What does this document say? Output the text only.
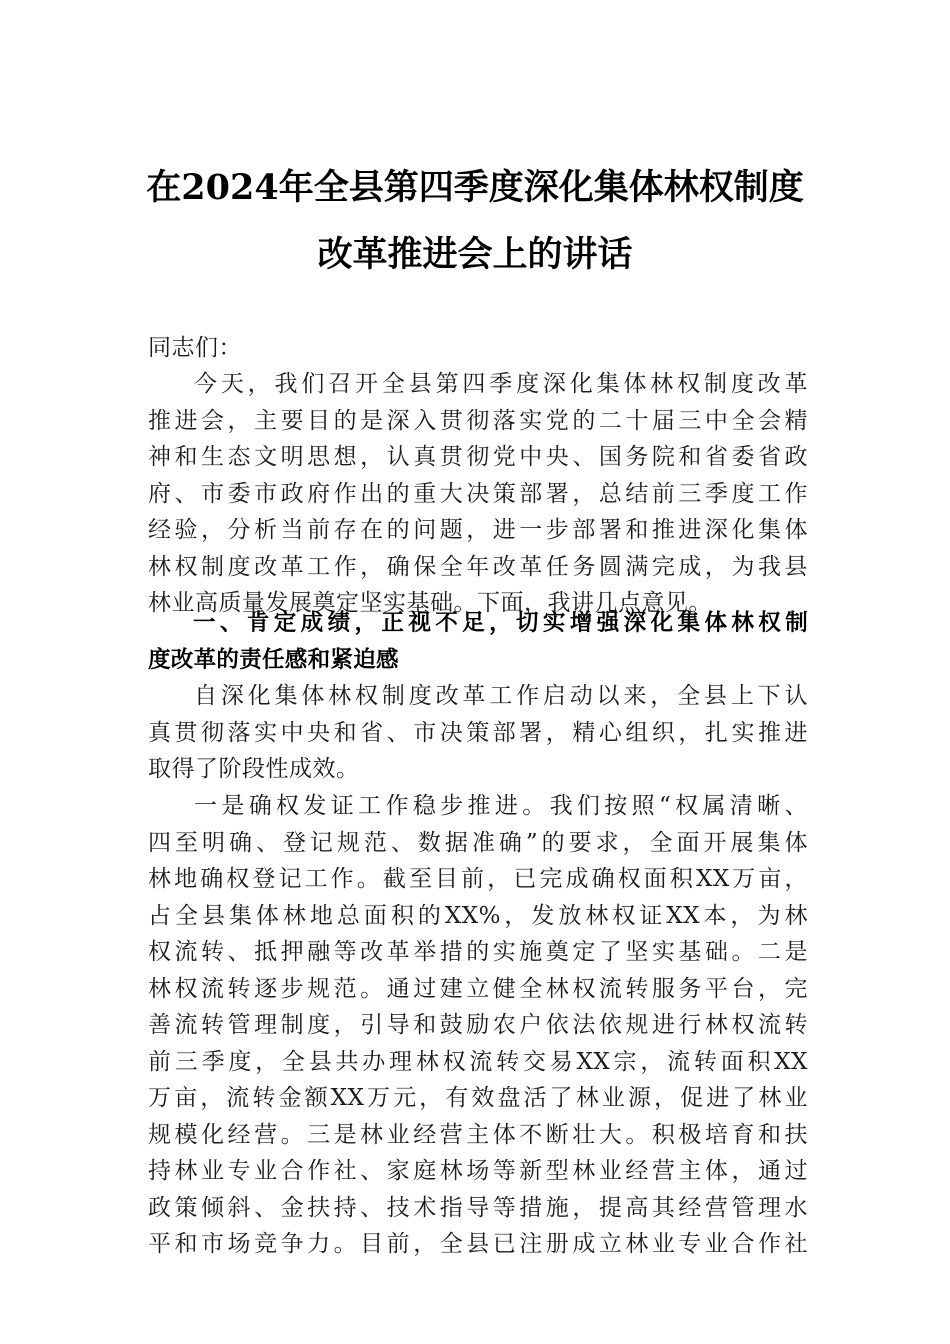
在2024年全县第四季度深化集体林权制度
改革推进会上的讲话
同志们：
今天，我们召开全县第四季度深化集体林权制度改革
推进会，主要目的是深入贯彻落实党的二十届三中全会精
神和生态文明思想，认真贯彻党中央、国务院和省委省政
府、市委市政府作出的重大决策部署，总结前三季度工作
经验，分析当前存在的问题，进一步部署和推进深化集体
林权制度改革工作，确保全年改革任务圆满完成，为我县
林业高质量发展奠定坚实基础。下面，我讲几点意见。
一、肯定成绩，正视不足，切实增强深化集体林权制
度改革的责任感和紧迫感
自深化集体林权制度改革工作启动以来，全县上下认
真贯彻落实中央和省、市决策部署，精心组织，扎实推进
取得了阶段性成效。
一是确权发证工作稳步推进。我们按照“权属清晰、
四至明确、登记规范、数据准确”的要求，全面开展集体
林地确权登记工作。截至目前，已完成确权面积XX万亩，
占全县集体林地总面积的XX%，发放林权证XX本，为林
权流转、抵押融等改革举措的实施奠定了坚实基础。二是
林权流转逐步规范。通过建立健全林权流转服务平台，完
善流转管理制度，引导和鼓励农户依法依规进行林权流转
前三季度，全县共办理林权流转交易XX宗，流转面积XX
万亩，流转金额XX万元，有效盘活了林业源，促进了林业
规模化经营。三是林业经营主体不断壮大。积极培育和扶
持林业专业合作社、家庭林场等新型林业经营主体，通过
政策倾斜、金扶持、技术指导等措施，提高其经营管理水
平和市场竞争力。目前，全县已注册成立林业专业合作社
